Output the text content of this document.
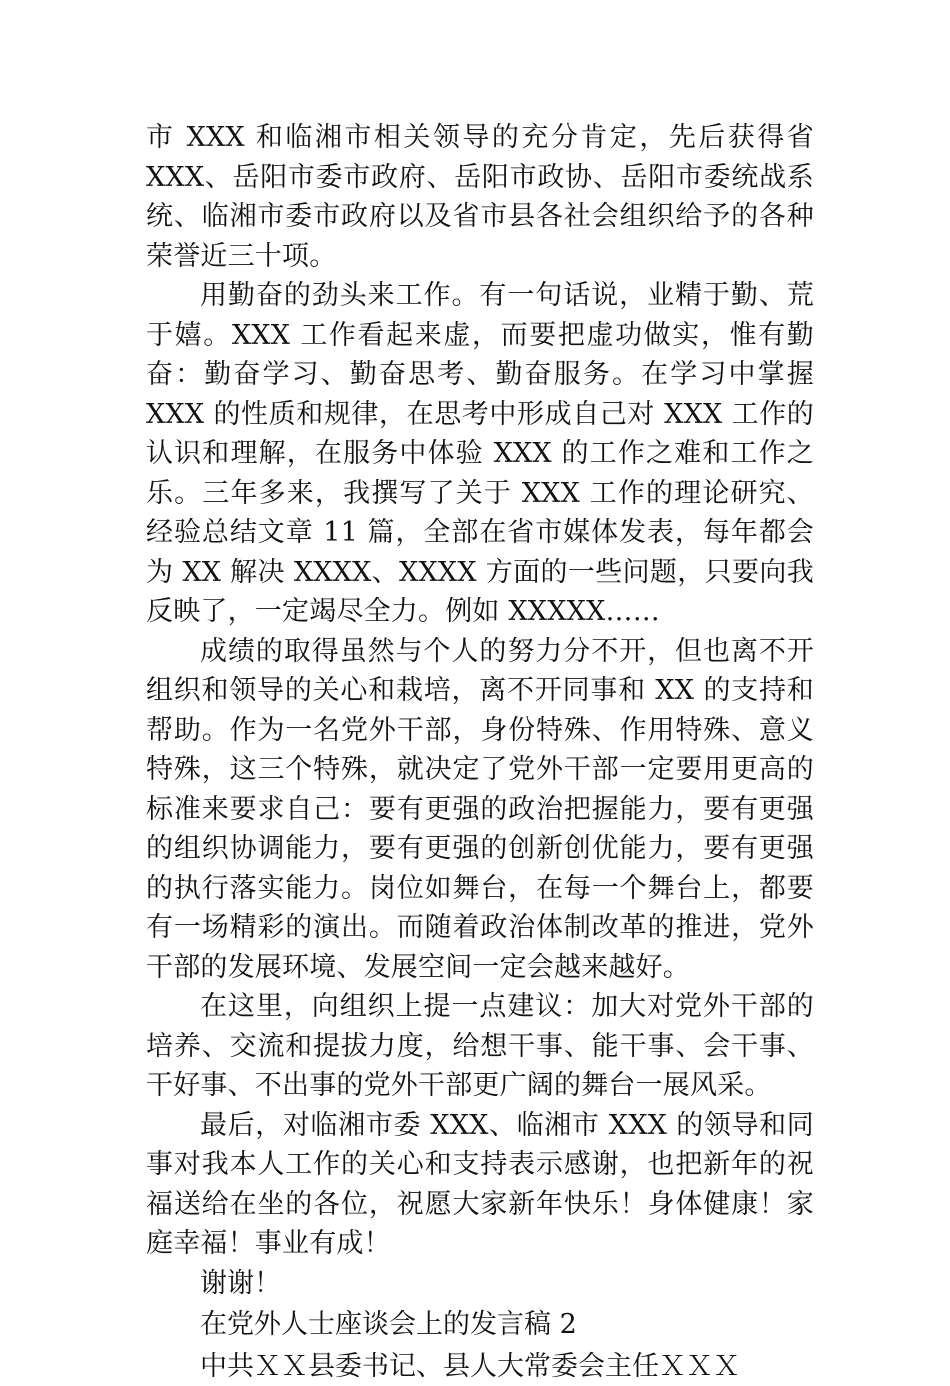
市 XXX 和临湘市相关领导的充分肯定，先后获得省 XXX、岳阳市委市政府、岳阳市政协、岳阳市委统战系统、临湘市委市政府以及省市县各社会组织给予的各种荣誉近三十项。

用勤奋的劲头来工作。有一句话说，业精于勤、荒于嬉。XXX 工作看起来虚，而要把虚功做实，惟有勤奋：勤奋学习、勤奋思考、勤奋服务。在学习中掌握 XXX 的性质和规律，在思考中形成自己对 XXX 工作的认识和理解，在服务中体验 XXX 的工作之难和工作之乐。三年多来，我撰写了关于 XXX 工作的理论研究、经验总结文章 11 篇，全部在省市媒体发表，每年都会为 XX 解决 XXXX、XXXX 方面的一些问题，只要向我反映了，一定竭尽全力。例如 XXXXX……

成绩的取得虽然与个人的努力分不开，但也离不开组织和领导的关心和栽培，离不开同事和 XX 的支持和帮助。作为一名党外干部，身份特殊、作用特殊、意义特殊，这三个特殊，就决定了党外干部一定要用更高的标准来要求自己：要有更强的政治把握能力，要有更强的组织协调能力，要有更强的创新创优能力，要有更强的执行落实能力。岗位如舞台，在每一个舞台上，都要有一场精彩的演出。而随着政治体制改革的推进，党外干部的发展环境、发展空间一定会越来越好。

在这里，向组织上提一点建议：加大对党外干部的培养、交流和提拔力度，给想干事、能干事、会干事、干好事、不出事的党外干部更广阔的舞台一展风采。

最后，对临湘市委 XXX、临湘市 XXX 的领导和同事对我本人工作的关心和支持表示感谢，也把新年的祝福送给在坐的各位，祝愿大家新年快乐！身体健康！家庭幸福！事业有成！

谢谢！

在党外人士座谈会上的发言稿 2

中共ＸＸ县委书记、县人大常委会主任ＸＸＸ
